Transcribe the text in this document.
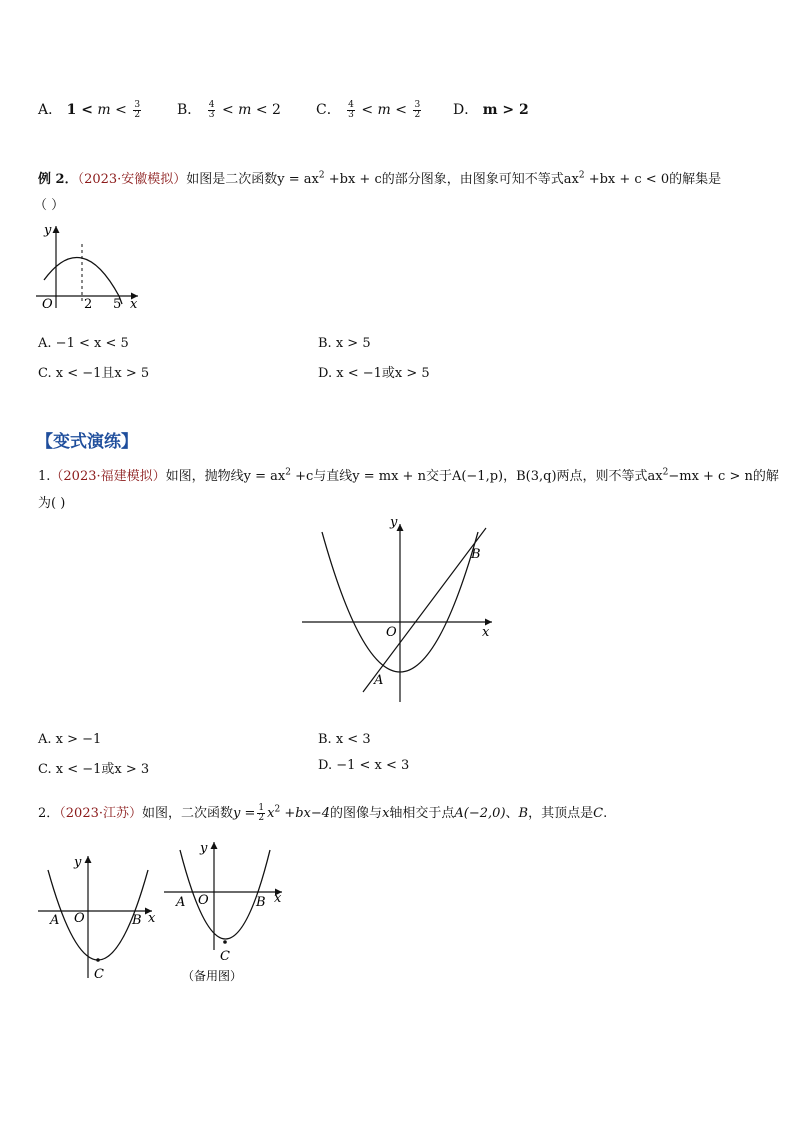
A． $1 < m < \frac{3}{2}$	B． $\frac{4}{3} < m < 2$	C． $\frac{4}{3} < m < \frac{3}{2}$ D． m > 2
例 2．（2023·安徽模拟）如图是二次函数$y = ax^2 +bx + c$的部分图象，由图象可知不等式$ax^2 +bx + c < 0$的解集是
（ ）
y
O 2 5 x
A. −1 < x < 5	B. x > 5
C. x < −1且x > 5	D. x < −1或x > 5
【变式演练】
1.（2023·福建模拟）如图，抛物线$y = ax^2 +c$与直线y = mx + n交于A(−1,p)，B(3,q)两点，则不等式$ax^2-mx + c > n$的解
为( )
y
O	x
A
B
A. x > −1	B. x < 3
C. x < −1或x > 3	D. −1 < x < 3
2．（2023·江苏）如图，二次函数$y = \frac{1}{2} x^2 +bx-4$的图像与x轴相交于点A(−2,0)、B，其顶点是C.
y
O
A	B x
C
y
O
A	B x
C
（备用图）
